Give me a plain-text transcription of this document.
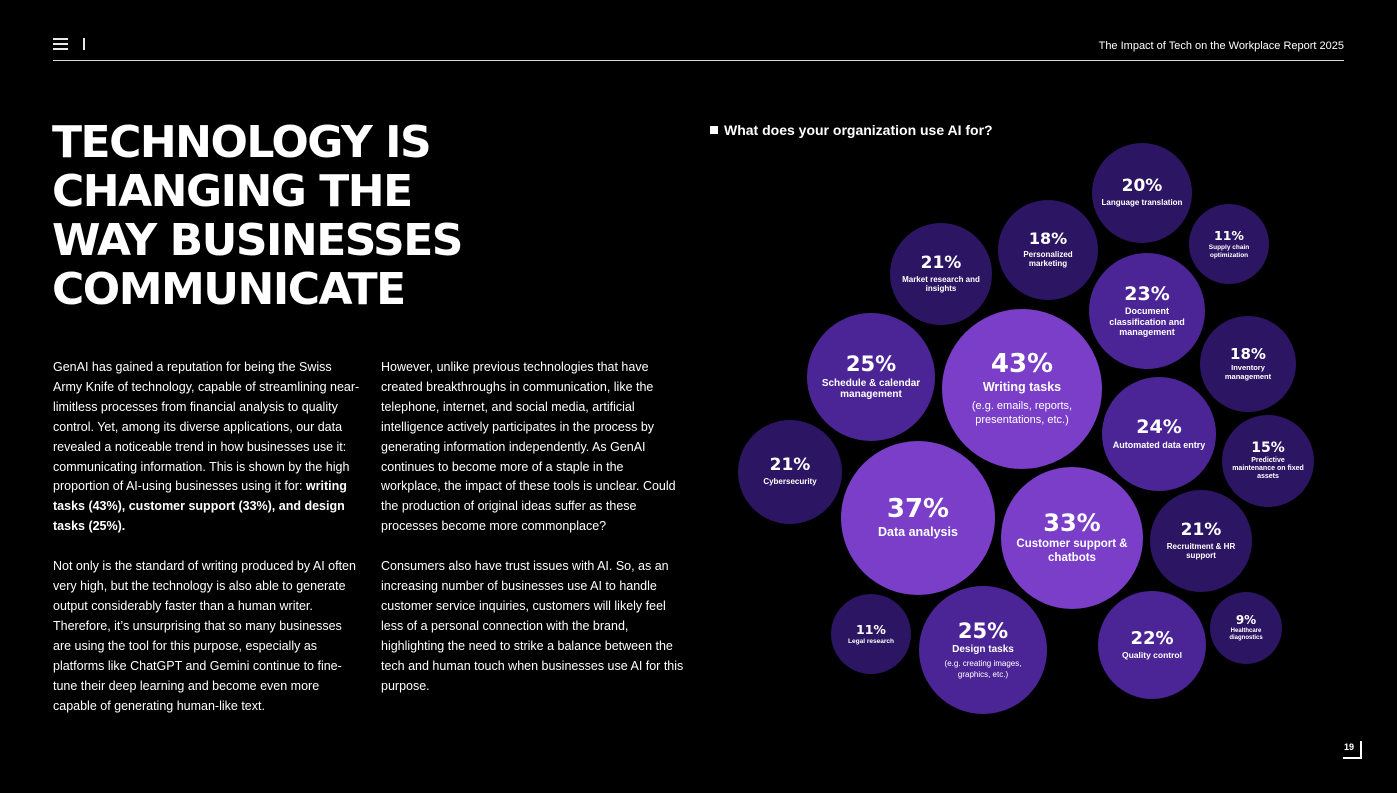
The Impact of Tech on the Workplace Report 2025
TECHNOLOGY IS
CHANGING THE
WAY BUSINESSES
COMMUNICATE

GenAI has gained a reputation for being the Swiss Army Knife of technology, capable of streamlining near-limitless processes from financial analysis to quality control. Yet, among its diverse applications, our data revealed a noticeable trend in how businesses use it: communicating information. This is shown by the high proportion of AI-using businesses using it for: writing tasks (43%), customer support (33%), and design tasks (25%).

Not only is the standard of writing produced by AI often very high, but the technology is also able to generate output considerably faster than a human writer. Therefore, it’s unsurprising that so many businesses are using the tool for this purpose, especially as platforms like ChatGPT and Gemini continue to fine-tune their deep learning and become even more capable of generating human-like text.

However, unlike previous technologies that have created breakthroughs in communication, like the telephone, internet, and social media, artificial intelligence actively participates in the process by generating information independently. As GenAI continues to become more of a staple in the workplace, the impact of these tools is unclear. Could the production of original ideas suffer as these processes become more commonplace?

Consumers also have trust issues with AI. So, as an increasing number of businesses use AI to handle customer service inquiries, customers will likely feel less of a personal connection with the brand, highlighting the need to strike a balance between the tech and human touch when businesses use AI for this purpose.

What does your organization use AI for?
43%
Writing tasks
(e.g. emails, reports, presentations, etc.)
37%
Data analysis	33%
Customer support & chatbots
25%
Schedule & calendar management
25%
Design tasks
(e.g. creating images, graphics, etc.)
24%
Automated data entry
23%
Document classification and management
22%
Quality control
21%
Market research and insights
21%
Cybersecurity
21%
Recruitment & HR support
20%
Language translation
18%
Personalized marketing
18%
Inventory management
15%
Predictive maintenance on fixed assets
11%
Supply chain optimization
11%
Legal research
9%
Healthcare diagnostics
19
